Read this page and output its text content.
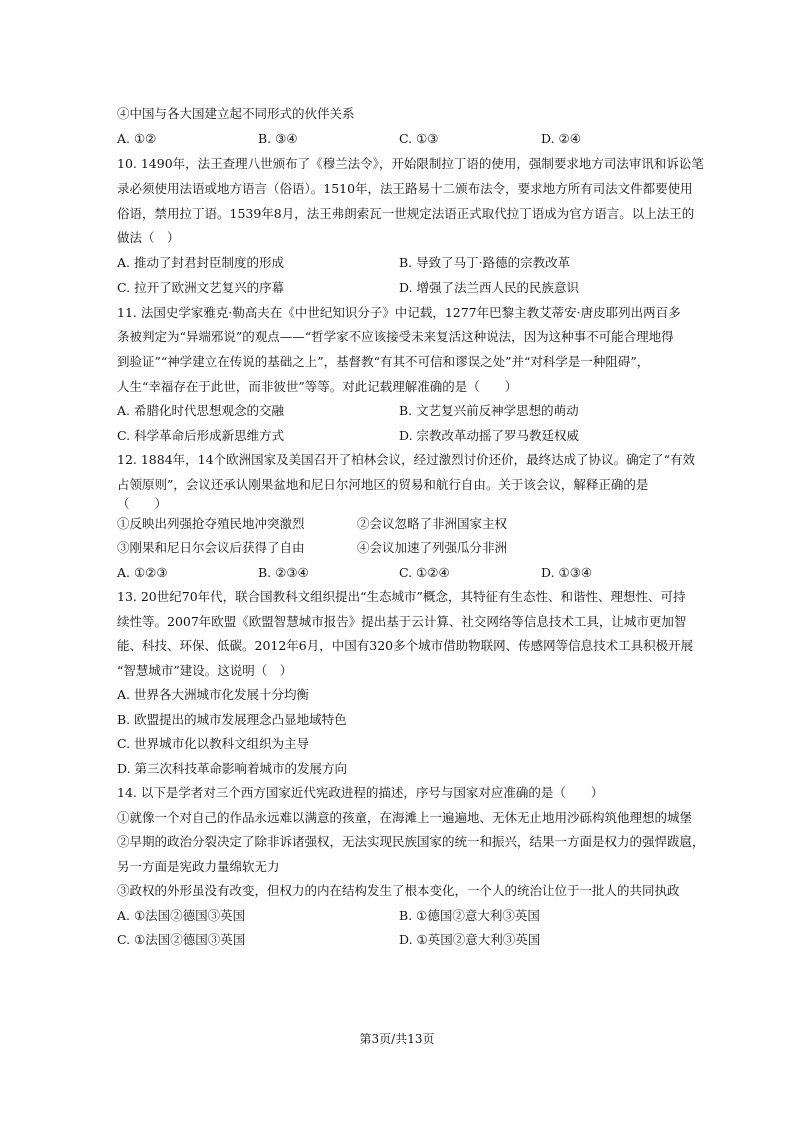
④中国与各大国建立起不同形式的伙伴关系
A. ①②	B. ③④	C. ①③	D. ②④
10. 1490年，法王查理八世颁布了《穆兰法令》，开始限制拉丁语的使用，强制要求地方司法审讯和诉讼笔
录必须使用法语或地方语言（俗语）。1510年，法王路易十二颁布法令，要求地方所有司法文件都要使用
俗语，禁用拉丁语。1539年8月，法王弗朗索瓦一世规定法语正式取代拉丁语成为官方语言。以上法王的
做法（　）
A. 推动了封君封臣制度的形成	B. 导致了马丁·路德的宗教改革
C. 拉开了欧洲文艺复兴的序幕	D. 增强了法兰西人民的民族意识
11. 法国史学家雅克·勒高夫在《中世纪知识分子》中记载，1277年巴黎主教艾蒂安·唐皮耶列出两百多
条被判定为“异端邪说”的观点——“哲学家不应该接受未来复活这种说法，因为这种事不可能合理地得
到验证”“神学建立在传说的基础之上”，基督教“有其不可信和谬误之处”并“对科学是一种阻碍”，
人生“幸福存在于此世，而非彼世”等等。对此记载理解准确的是（　　）
A. 希腊化时代思想观念的交融	B. 文艺复兴前反神学思想的萌动
C. 科学革命后形成新思维方式	D. 宗教改革动摇了罗马教廷权威
12. 1884年，14个欧洲国家及美国召开了柏林会议，经过激烈讨价还价，最终达成了协议。确定了“有效
占领原则”，会议还承认刚果盆地和尼日尔河地区的贸易和航行自由。关于该会议，解释正确的是
（　　）
①反映出列强抢夺殖民地冲突激烈	②会议忽略了非洲国家主权
③刚果和尼日尔会议后获得了自由	④会议加速了列强瓜分非洲
A. ①②③	B. ②③④	C. ①②④	D. ①③④
13. 20世纪70年代，联合国教科文组织提出“生态城市”概念，其特征有生态性、和谐性、理想性、可持
续性等。2007年欧盟《欧盟智慧城市报告》提出基于云计算、社交网络等信息技术工具，让城市更加智
能、科技、环保、低碳。2012年6月，中国有320多个城市借助物联网、传感网等信息技术工具积极开展
“智慧城市”建设。这说明（　）
A. 世界各大洲城市化发展十分均衡
B. 欧盟提出的城市发展理念凸显地域特色
C. 世界城市化以教科文组织为主导
D. 第三次科技革命影响着城市的发展方向
14. 以下是学者对三个西方国家近代宪政进程的描述，序号与国家对应准确的是（　　）
①就像一个对自己的作品永远难以满意的孩童，在海滩上一遍遍地、无休无止地用沙砾构筑他理想的城堡
②早期的政治分裂决定了除非诉诸强权，无法实现民族国家的统一和振兴，结果一方面是权力的强悍跋扈，
另一方面是宪政力量绵软无力
③政权的外形虽没有改变，但权力的内在结构发生了根本变化，一个人的统治让位于一批人的共同执政
A. ①法国②德国③英国	B. ①德国②意大利③英国
C. ①法国②德国③英国	D. ①英国②意大利③英国
第3页/共13页
